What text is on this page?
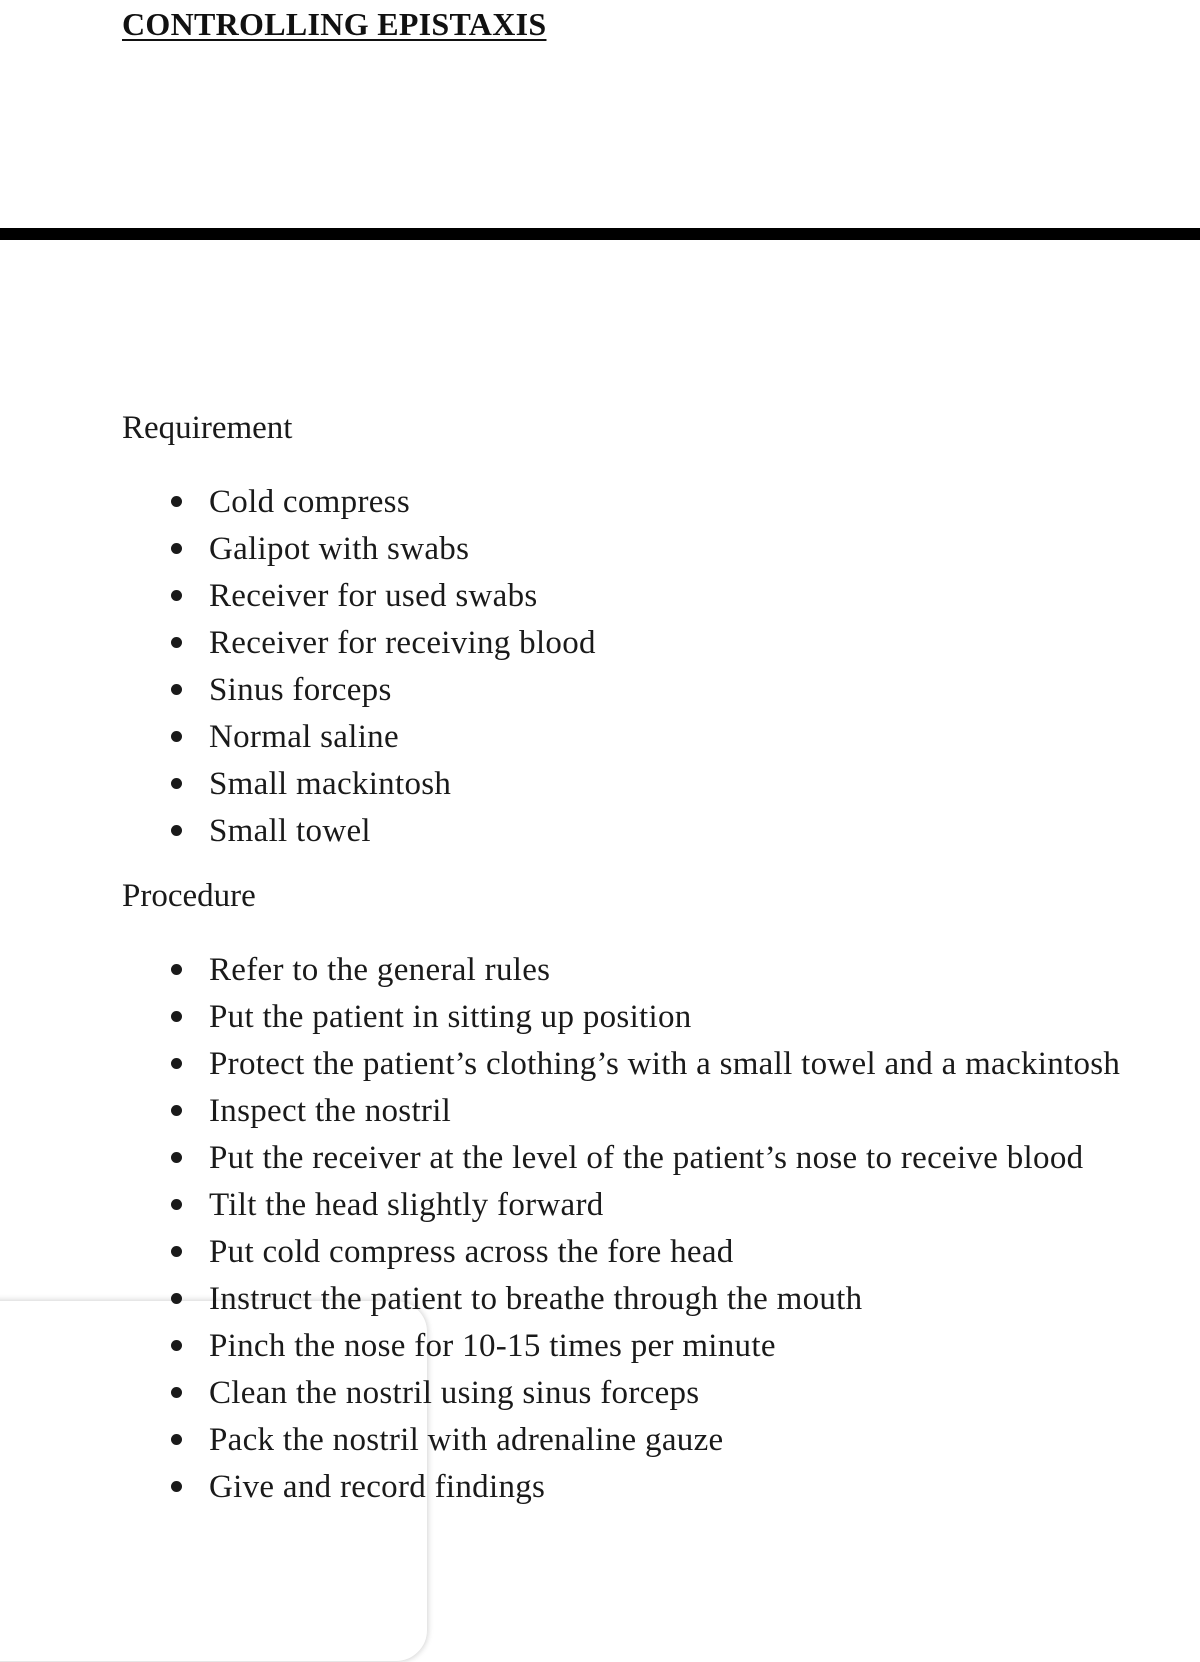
CONTROLLING EPISTAXIS
Requirement
Cold compress
Galipot with swabs
Receiver for used swabs
Receiver for receiving blood
Sinus forceps
Normal saline
Small mackintosh
Small towel
Procedure
Refer to the general rules
Put the patient in sitting up position
Protect the patient’s clothing’s with a small towel and a mackintosh
Inspect the nostril
Put the receiver at the level of the patient’s nose to receive blood
Tilt the head slightly forward
Put cold compress across the fore head
Instruct the patient to breathe through the mouth
Pinch the nose for 10-15 times per minute
Clean the nostril using sinus forceps
Pack the nostril with adrenaline gauze
Give and record findings
